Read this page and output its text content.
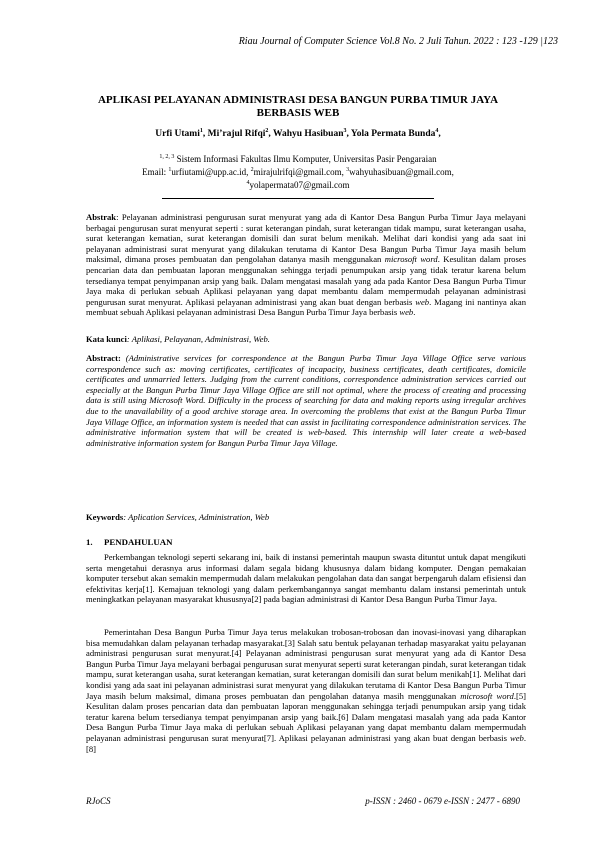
Riau Journal of Computer Science Vol.8 No. 2 Juli Tahun. 2022 : 123 -129 |123
APLIKASI PELAYANAN ADMINISTRASI DESA BANGUN PURBA TIMUR JAYA BERBASIS WEB
Urfi Utami$^1$, Mi’rajul Rifqi$^2$, Wahyu Hasibuan$^3$, Yola Permata Bunda$^4$,
$^{1, 2, 3}$ Sistem Informasi Fakultas Ilmu Komputer, Universitas Pasir Pengaraian
Email: $^1$urfiutami@upp.ac.id, $^2$mirajulrifqi@gmail.com, $^3$wahyuhasibuan@gmail.com,
$^4$yolapermata07@gmail.com
Abstrak: Pelayanan administrasi pengurusan surat menyurat yang ada di Kantor Desa Bangun Purba Timur Jaya melayani berbagai pengurusan surat menyurat seperti : surat keterangan pindah, surat keterangan tidak mampu, surat keterangan usaha, surat keterangan kematian, surat keterangan domisili dan surat belum menikah. Melihat dari kondisi yang ada saat ini pelayanan administrasi surat menyurat yang dilakukan terutama di Kantor Desa Bangun Purba Timur Jaya masih belum maksimal, dimana proses pembuatan dan pengolahan datanya masih menggunakan microsoft word. Kesulitan dalam proses pencarian data dan pembuatan laporan menggunakan sehingga terjadi penumpukan arsip yang tidak teratur karena belum tersedianya tempat penyimpanan arsip yang baik. Dalam mengatasi masalah yang ada pada Kantor Desa Bangun Purba Timur Jaya maka di perlukan sebuah Aplikasi pelayanan yang dapat membantu dalam mempermudah pelayanan administrasi pengurusan surat menyurat. Aplikasi pelayanan administrasi yang akan buat dengan berbasis web. Magang ini nantinya akan membuat sebuah Aplikasi pelayanan administrasi Desa Bangun Purba Timur Jaya berbasis web.
Kata kunci: Aplikasi, Pelayanan, Administrasi, Web.
Abstract: (Administrative services for correspondence at the Bangun Purba Timur Jaya Village Office serve various correspondence such as: moving certificates, certificates of incapacity, business certificates, death certificates, domicile certificates and unmarried letters. Judging from the current conditions, correspondence administration services carried out especially at the Bangun Purba Timur Jaya Village Office are still not optimal, where the process of creating and processing data is still using Microsoft Word. Difficulty in the process of searching for data and making reports using irregular archives due to the unavailability of a good archive storage area. In overcoming the problems that exist at the Bangun Purba Timur Jaya Village Office, an information system is needed that can assist in facilitating correspondence administration services. The administrative information system that will be created is web-based. This internship will later create a web-based administrative information system for Bangun Purba Timur Jaya Village.
Keywords: Aplication Services, Administration, Web
1. PENDAHULUAN

Perkembangan teknologi seperti sekarang ini, baik di instansi pemerintah maupun swasta dituntut untuk dapat mengikuti serta mengetahui derasnya arus informasi dalam segala bidang khususnya dalam bidang komputer. Dengan pemakaian komputer tersebut akan semakin mempermudah dalam melakukan pengolahan data dan sangat berpengaruh dalam efisiensi dan efektivitas kerja[1]. Kemajuan teknologi yang dalam perkembangannya sangat membantu dalam instansi pemerintah untuk meningkatkan pelayanan masyarakat khususnya[2] pada bagian administrasi di Kantor Desa Bangun Purba Timur Jaya.

Pemerintahan Desa Bangun Purba Timur Jaya terus melakukan trobosan-trobosan dan inovasi-inovasi yang diharapkan bisa memudahkan dalam pelayanan terhadap masyarakat.[3] Salah satu bentuk pelayanan terhadap masyarakat yaitu pelayanan administrasi pengurusan surat menyurat.[4] Pelayanan administrasi pengurusan surat menyurat yang ada di Kantor Desa Bangun Purba Timur Jaya melayani berbagai pengurusan surat menyurat seperti surat keterangan pindah, surat keterangan tidak mampu, surat keterangan usaha, surat keterangan kematian, surat keterangan domisili dan surat belum menikah[1]. Melihat dari kondisi yang ada saat ini pelayanan administrasi surat menyurat yang dilakukan terutama di Kantor Desa Bangun Purba Timur Jaya masih belum maksimal, dimana proses pembuatan dan pengolahan datanya masih menggunakan microsoft word.[5] Kesulitan dalam proses pencarian data dan pembuatan laporan menggunakan sehingga terjadi penumpukan arsip yang tidak teratur karena belum tersedianya tempat penyimpanan arsip yang baik.[6] Dalam mengatasi masalah yang ada pada Kantor Desa Bangun Purba Timur Jaya maka di perlukan sebuah Aplikasi pelayanan yang dapat membantu dalam mempermudah pelayanan administrasi pengurusan surat menyurat[7]. Aplikasi pelayanan administrasi yang akan buat dengan berbasis web. [8]

RJoCS	p-ISSN : 2460 - 0679 e-ISSN : 2477 - 6890
